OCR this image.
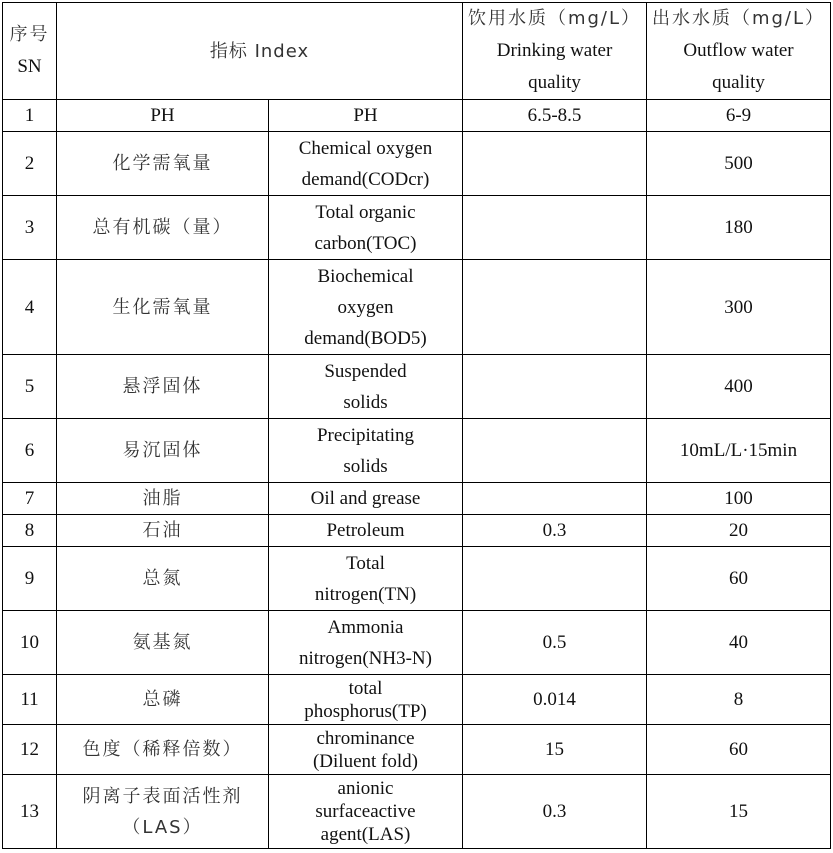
序号
SN	指标 Index		饮用水质（mg/L）
Drinking water
quality	出水水质（mg/L）
Outflow water
quality

1	PH	PH	6.5-8.5	6-9
2	化学需氧量	Chemical oxygen
demand(CODcr)		500
3	总有机碳（量）	Total organic
carbon(TOC)		180
4	生化需氧量	Biochemical
oxygen
demand(BOD5)		300
5	悬浮固体	Suspended
solids		400
6	易沉固体	Precipitating
solids		10mL/L·15min
7	油脂	Oil and grease		100
8	石油	Petroleum	0.3	20
9	总氮	Total
nitrogen(TN)		60
10	氨基氮	Ammonia
nitrogen(NH3-N)	0.5	40
11	总磷	total
phosphorus(TP)	0.014	8
12	色度（稀释倍数）	chrominance
(Diluent fold)	15	60
13	阴离子表面活性剂
（LAS）	anionic
surfaceactive
agent(LAS)	0.3	15
